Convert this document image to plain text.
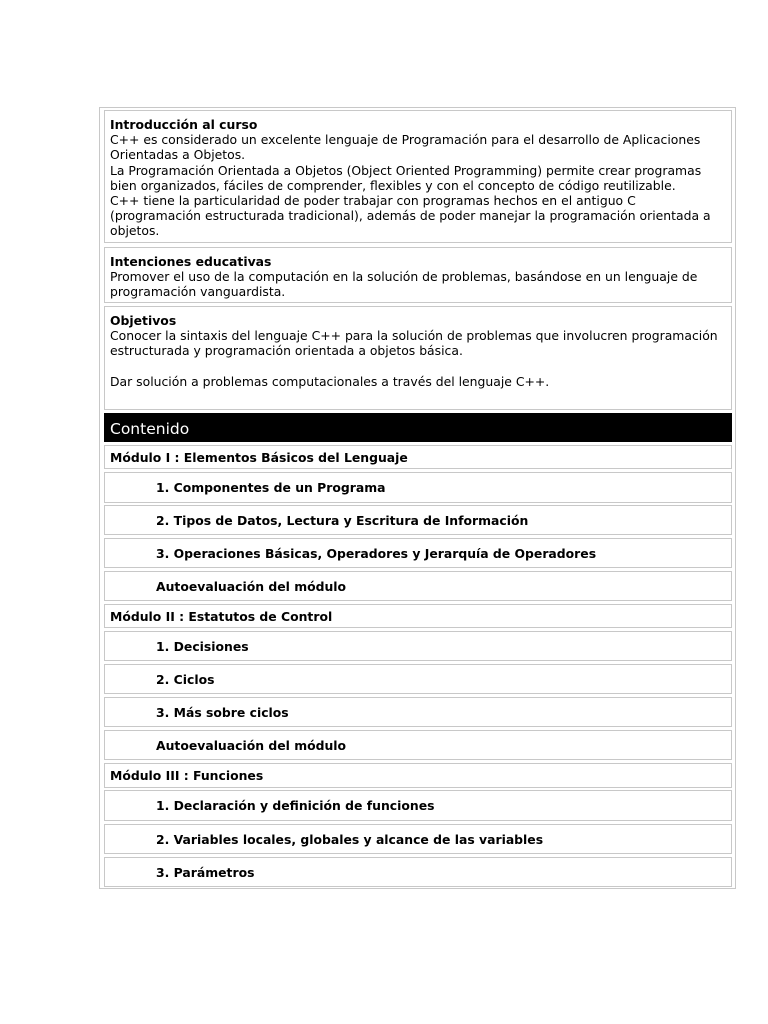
Introducción al curso

C++ es considerado un excelente lenguaje de Programación para el desarrollo de Aplicaciones

Orientadas a Objetos.

La Programación Orientada a Objetos (Object Oriented Programming) permite crear programas

bien organizados, fáciles de comprender, flexibles y con el concepto de código reutilizable.

C++ tiene la particularidad de poder trabajar con programas hechos en el antiguo C

(programación estructurada tradicional), además de poder manejar la programación orientada a

objetos.

Intenciones educativas

Promover el uso de la computación en la solución de problemas, basándose en un lenguaje de

programación vanguardista.

Objetivos

Conocer la sintaxis del lenguaje C++ para la solución de problemas que involucren programación

estructurada y programación orientada a objetos básica.

Dar solución a problemas computacionales a través del lenguaje C++.

Contenido
Módulo I : Elementos Básicos del Lenguaje
1. Componentes de un Programa
2. Tipos de Datos, Lectura y Escritura de Información
3. Operaciones Básicas, Operadores y Jerarquía de Operadores
Autoevaluación del módulo
Módulo II : Estatutos de Control
1. Decisiones
2. Ciclos
3. Más sobre ciclos
Autoevaluación del módulo
Módulo III : Funciones
1. Declaración y definición de funciones
2. Variables locales, globales y alcance de las variables
3. Parámetros
